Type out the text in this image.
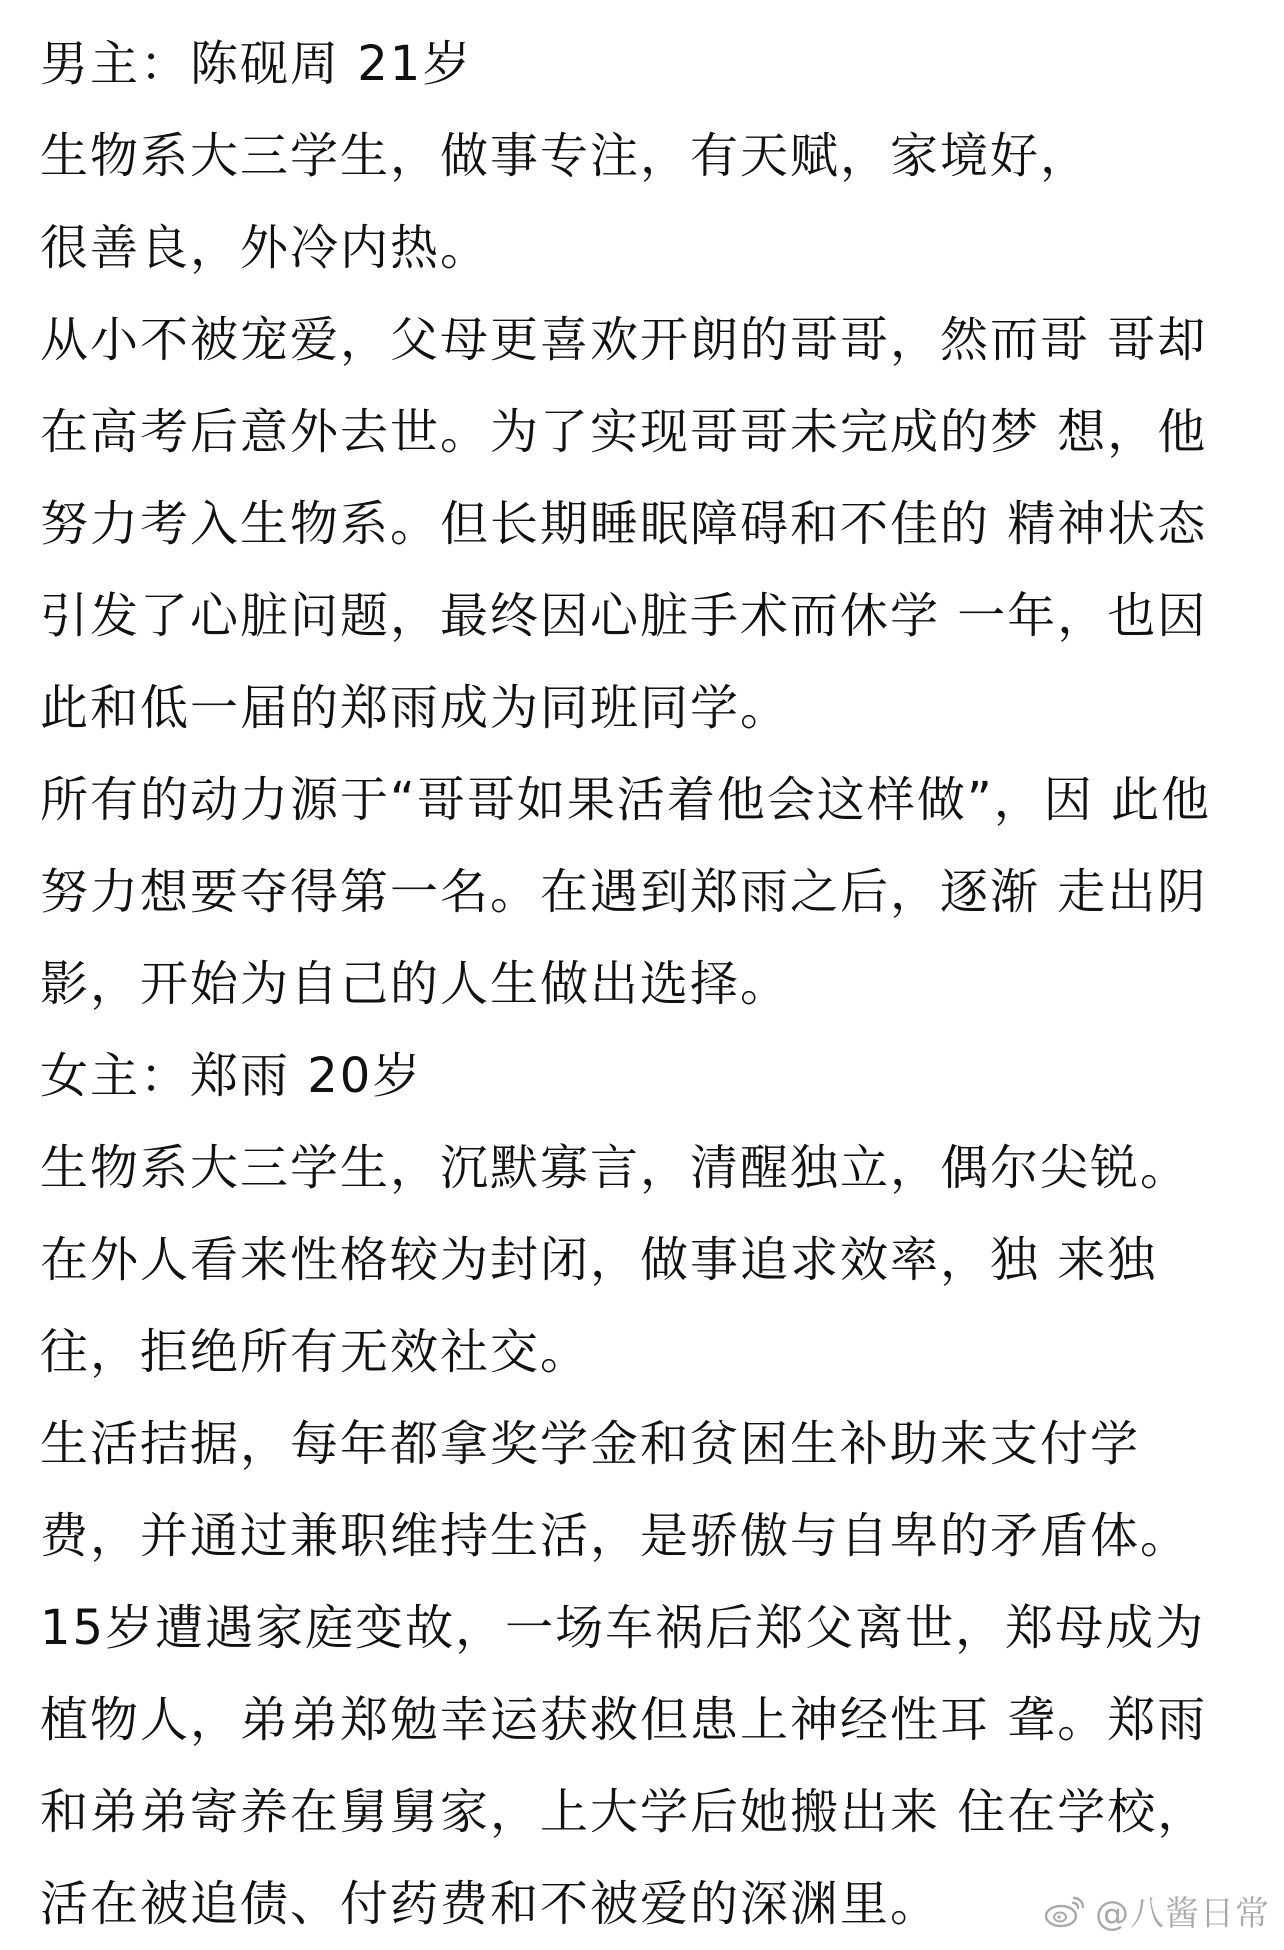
男主：陈砚周 21岁
生物系大三学生，做事专注，有天赋，家境好，
很善良，外冷内热。
从小不被宠爱，父母更喜欢开朗的哥哥，然而哥 哥却
在高考后意外去世。为了实现哥哥未完成的梦 想，他
努力考入生物系。但长期睡眠障碍和不佳的 精神状态
引发了心脏问题，最终因心脏手术而休学 一年，也因
此和低一届的郑雨成为同班同学。
所有的动力源于“哥哥如果活着他会这样做”，因 此他
努力想要夺得第一名。在遇到郑雨之后，逐渐 走出阴
影，开始为自己的人生做出选择。
女主：郑雨 20岁
生物系大三学生，沉默寡言，清醒独立，偶尔尖锐。
在外人看来性格较为封闭，做事追求效率，独 来独
往，拒绝所有无效社交。
生活拮据，每年都拿奖学金和贫困生补助来支付学
费，并通过兼职维持生活，是骄傲与自卑的矛盾体。
15岁遭遇家庭变故，一场车祸后郑父离世，郑母成为
植物人，弟弟郑勉幸运获救但患上神经性耳 聋。郑雨
和弟弟寄养在舅舅家，上大学后她搬出来 住在学校，
活在被追债、付药费和不被爱的深渊里。	@八酱日常
